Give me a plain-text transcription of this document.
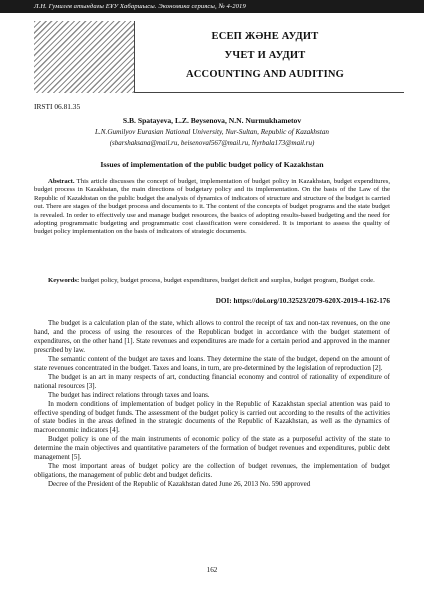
Л.Н. Гумилев атындағы ЕҰУ Хабаршысы. Экономика сериясы, № 4-2019
ЕСЕП ЖӘНЕ АУДИТ
УЧЕТ И АУДИТ
ACCOUNTING AND AUDITING
IRSTI 06.81.35
S.B. Spatayeva, L.Z. Beysenova, N.N. Nurmukhametov
L.N.Gumilyov Eurasian National University, Nur-Sultan, Republic of Kazakhstan
(sbarshaksana@mail.ru, beisenoval567@mail.ru, Nyrbala173@mail.ru)
Issues of implementation of the public budget policy of Kazakhstan

Abstract. This article discusses the concept of budget, implementation of budget policy in Kazakhstan, budget expenditures, budget process in Kazakhstan, the main directions of budgetary policy and its implementation. On the basis of the Law of the Republic of Kazakhstan on the public budget the analysis of dynamics of indicators of structure and structure of the budget is carried out. There are stages of the budget process and documents to it. The content of the concepts of budget programs and the state budget is revealed. In order to effectively use and manage budget resources, the basics of adopting results-based budgeting and the need for adopting programmatic budgeting and programmatic cost classification were considered. It is important to assess the quality of budget policy implementation on the basis of indicators of strategic documents.

Keywords: budget policy, budget process, budget expenditures, budget deficit and surplus, budget program, Budget code.

DOI: https://doi.org/10.32523/2079-620X-2019-4-162-176

The budget is a calculation plan of the state, which allows to control the receipt of tax and non-tax revenues, on the one hand, and the process of using the resources of the Republican budget in accordance with the budget statement of expenditures, on the other hand [1]. State revenues and expenditures are made for a certain period and approved in the manner prescribed by law.

The semantic content of the budget are taxes and loans. They determine the state of the budget, depend on the amount of state revenues concentrated in the budget. Taxes and loans, in turn, are pre-determined by the legislation of reproduction [2].

The budget is an art in many respects of art, conducting financial economy and control of rationality of expenditure of national resources [3].

The budget has indirect relations through taxes and loans.

In modern conditions of implementation of budget policy in the Republic of Kazakhstan special attention was paid to effective spending of budget funds. The assessment of the budget policy is carried out according to the results of the activities of state bodies in the areas defined in the strategic documents of the Republic of Kazakhstan, as well as the dynamics of macroeconomic indicators [4].

Budget policy is one of the main instruments of economic policy of the state as a purposeful activity of the state to determine the main objectives and quantitative parameters of the formation of budget revenues and expenditures, public debt management [5].

The most important areas of budget policy are the collection of budget revenues, the implementation of budget obligations, the management of public debt and budget deficits.

Decree of the President of the Republic of Kazakhstan dated June 26, 2013 No. 590 approved

162
